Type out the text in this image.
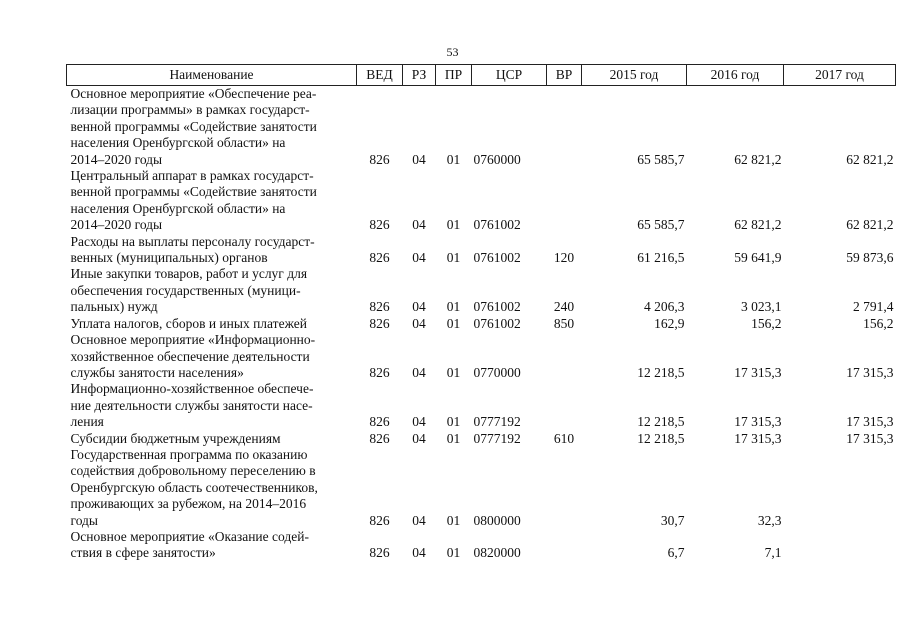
53
Наименование	ВЕД	РЗ	ПР	ЦСР	ВР	2015 год	2016 год	2017 год
Основное мероприятие «Обеспечение реа-
лизации программы» в рамках государст-
венной программы «Содействие занятости
населения Оренбургской области» на
2014–2020 годы	826	04	01	0760000		65 585,7	62 821,2	62 821,2
Центральный аппарат в рамках государст-
венной программы «Содействие занятости
населения Оренбургской области» на
2014–2020 годы	826	04	01	0761002		65 585,7	62 821,2	62 821,2
Расходы на выплаты персоналу государст-
венных (муниципальных) органов	826	04	01	0761002	120	61 216,5	59 641,9	59 873,6
Иные закупки товаров, работ и услуг для
обеспечения государственных (муници-
пальных) нужд	826	04	01	0761002	240	4 206,3	3 023,1	2 791,4
Уплата налогов, сборов и иных платежей	826	04	01	0761002	850	162,9	156,2	156,2
Основное мероприятие «Информационно-
хозяйственное обеспечение деятельности
службы занятости населения»	826	04	01	0770000		12 218,5	17 315,3	17 315,3
Информационно-хозяйственное обеспече-
ние деятельности службы занятости насе-
ления	826	04	01	0777192		12 218,5	17 315,3	17 315,3
Субсидии бюджетным учреждениям	826	04	01	0777192	610	12 218,5	17 315,3	17 315,3
Государственная программа по оказанию
содействия добровольному переселению в
Оренбургскую область соотечественников,
проживающих за рубежом, на 2014–2016
годы	826	04	01	0800000		30,7	32,3	
Основное мероприятие «Оказание содей-
ствия в сфере занятости»	826	04	01	0820000		6,7	7,1	
